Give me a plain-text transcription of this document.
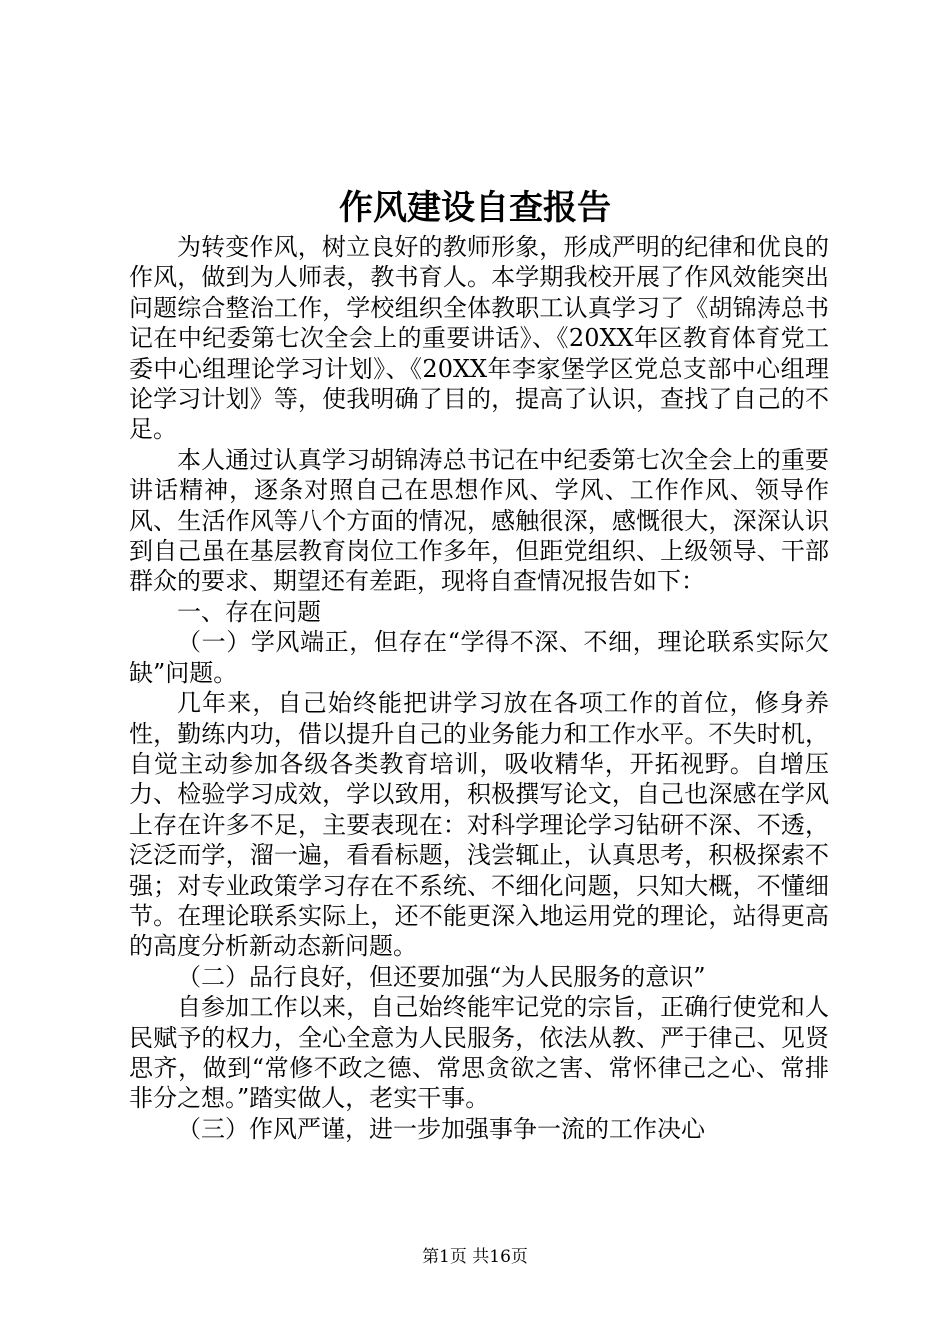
作风建设自查报告

为转变作风，树立良好的教师形象，形成严明的纪律和优良的作风，做到为人师表，教书育人。本学期我校开展了作风效能突出问题综合整治工作，学校组织全体教职工认真学习了《胡锦涛总书记在中纪委第七次全会上的重要讲话》、《20XX年区教育体育党工委中心组理论学习计划》、《20XX年李家堡学区党总支部中心组理论学习计划》等，使我明确了目的，提高了认识，查找了自己的不足。

本人通过认真学习胡锦涛总书记在中纪委第七次全会上的重要讲话精神，逐条对照自己在思想作风、学风、工作作风、领导作风、生活作风等八个方面的情况，感触很深，感慨很大，深深认识到自己虽在基层教育岗位工作多年，但距党组织、上级领导、干部群众的要求、期望还有差距，现将自查情况报告如下：

一、存在问题

（一）学风端正，但存在“学得不深、不细，理论联系实际欠缺”问题。

几年来，自己始终能把讲学习放在各项工作的首位，修身养性，勤练内功，借以提升自己的业务能力和工作水平。不失时机，自觉主动参加各级各类教育培训，吸收精华，开拓视野。自增压力、检验学习成效，学以致用，积极撰写论文，自己也深感在学风上存在许多不足，主要表现在：对科学理论学习钻研不深、不透，泛泛而学，溜一遍，看看标题，浅尝辄止，认真思考，积极探索不强；对专业政策学习存在不系统、不细化问题，只知大概，不懂细节。在理论联系实际上，还不能更深入地运用党的理论，站得更高的高度分析新动态新问题。

（二）品行良好，但还要加强“为人民服务的意识”

自参加工作以来，自己始终能牢记党的宗旨，正确行使党和人民赋予的权力，全心全意为人民服务，依法从教、严于律己、见贤思齐，做到“常修不政之德、常思贪欲之害、常怀律己之心、常排非分之想。”踏实做人，老实干事。

（三）作风严谨，进一步加强事争一流的工作决心

第1页 共16页
